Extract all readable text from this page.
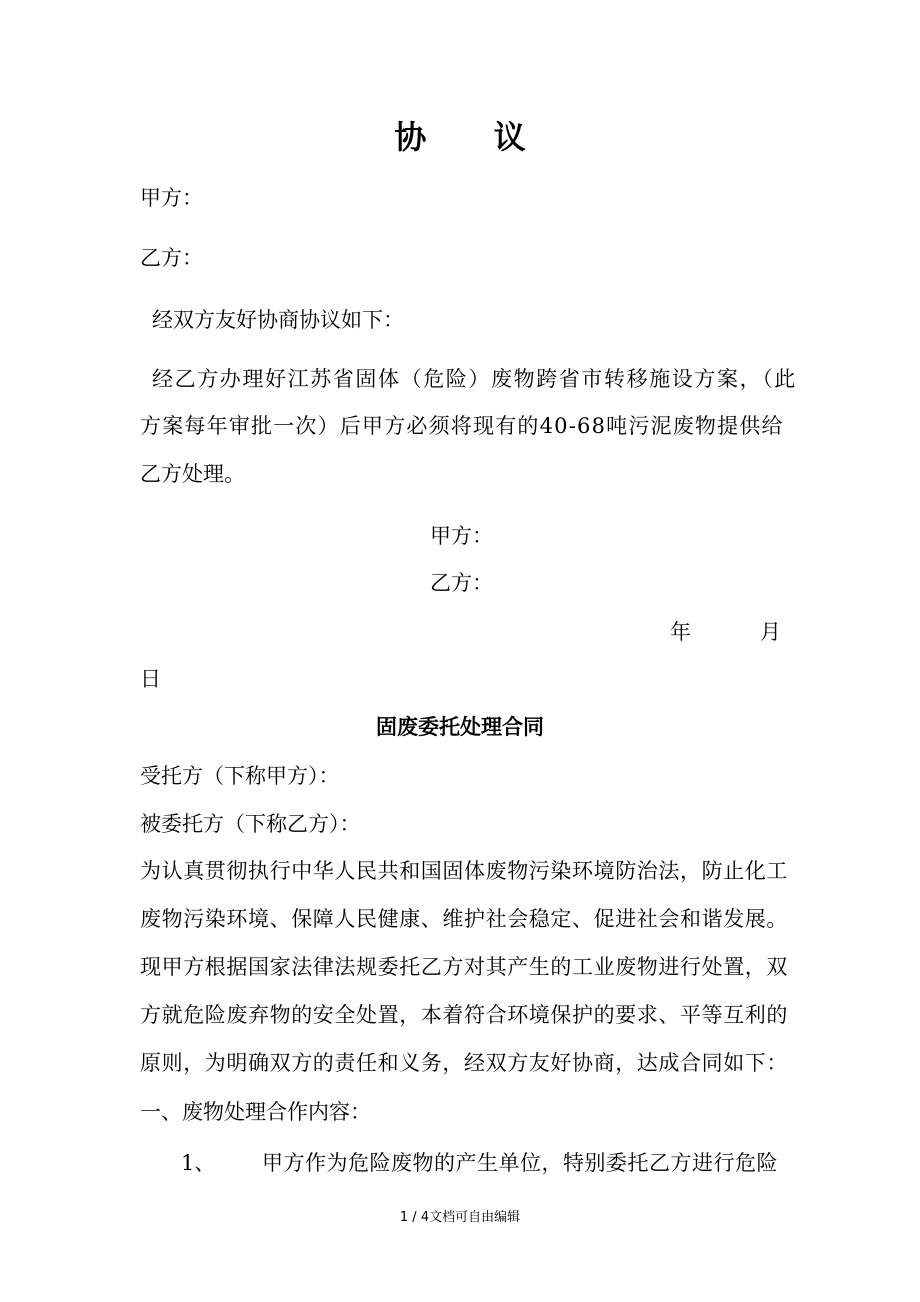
协 议
甲方：
乙方：
经双方友好协商协议如下：
经乙方办理好江苏省固体（危险）废物跨省市转移施设方案，（此
方案每年审批一次）后甲方必须将现有的40-68吨污泥废物提供给
乙方处理。
甲方：
乙方：
年	月
日
固废委托处理合同
受托方（下称甲方）：
被委托方（下称乙方）：
为认真贯彻执行中华人民共和国固体废物污染环境防治法，防止化工
废物污染环境、保障人民健康、维护社会稳定、促进社会和谐发展。
现甲方根据国家法律法规委托乙方对其产生的工业废物进行处置，双
方就危险废弃物的安全处置，本着符合环境保护的要求、平等互利的
原则，为明确双方的责任和义务，经双方友好协商，达成合同如下：
一、废物处理合作内容：
1、 甲方作为危险废物的产生单位，特别委托乙方进行危险
1 / 4文档可自由编辑
